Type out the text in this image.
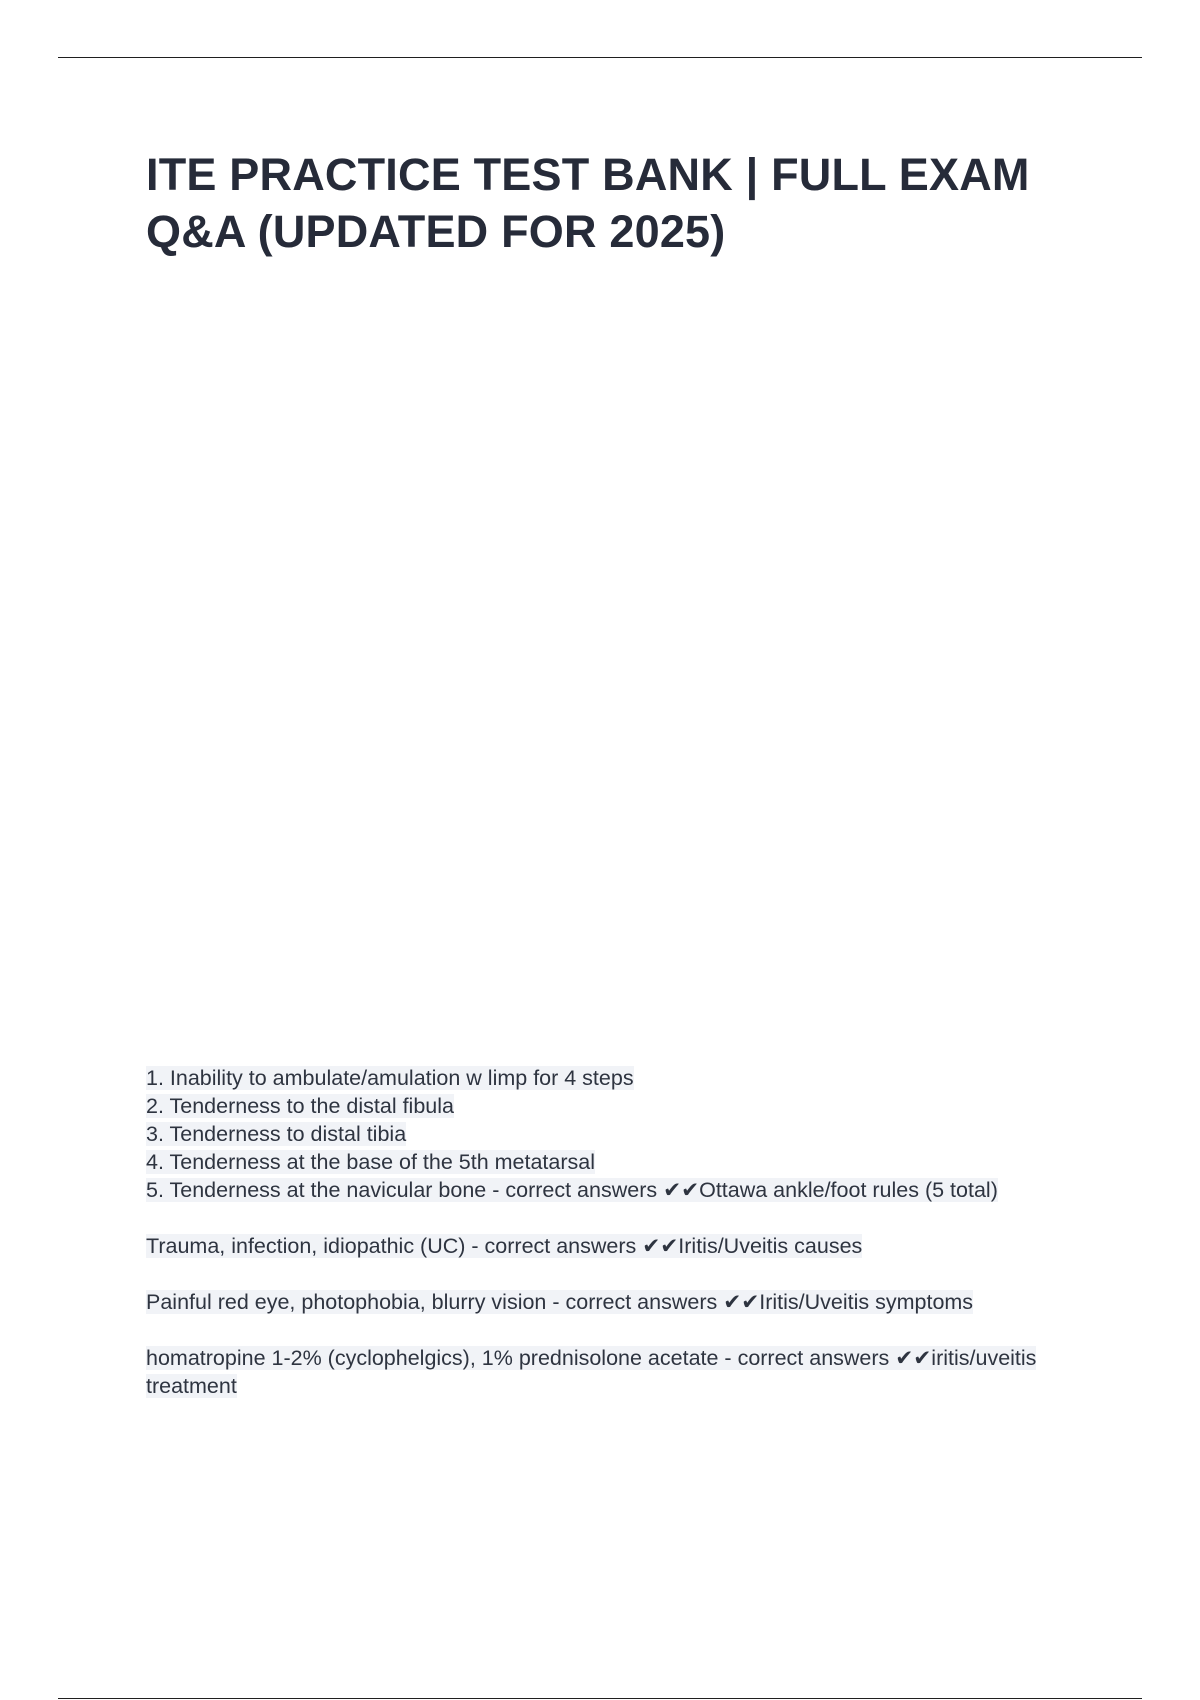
ITE PRACTICE TEST BANK | FULL EXAM Q&A (UPDATED FOR 2025)
1. Inability to ambulate/amulation w limp for 4 steps
2. Tenderness to the distal fibula
3. Tenderness to distal tibia
4. Tenderness at the base of the 5th metatarsal
5. Tenderness at the navicular bone - correct answers ✔✔Ottawa ankle/foot rules (5 total)
Trauma, infection, idiopathic (UC) - correct answers ✔✔Iritis/Uveitis causes
Painful red eye, photophobia, blurry vision - correct answers ✔✔Iritis/Uveitis symptoms
homatropine 1-2% (cyclophelgics), 1% prednisolone acetate - correct answers ✔✔iritis/uveitis treatment
